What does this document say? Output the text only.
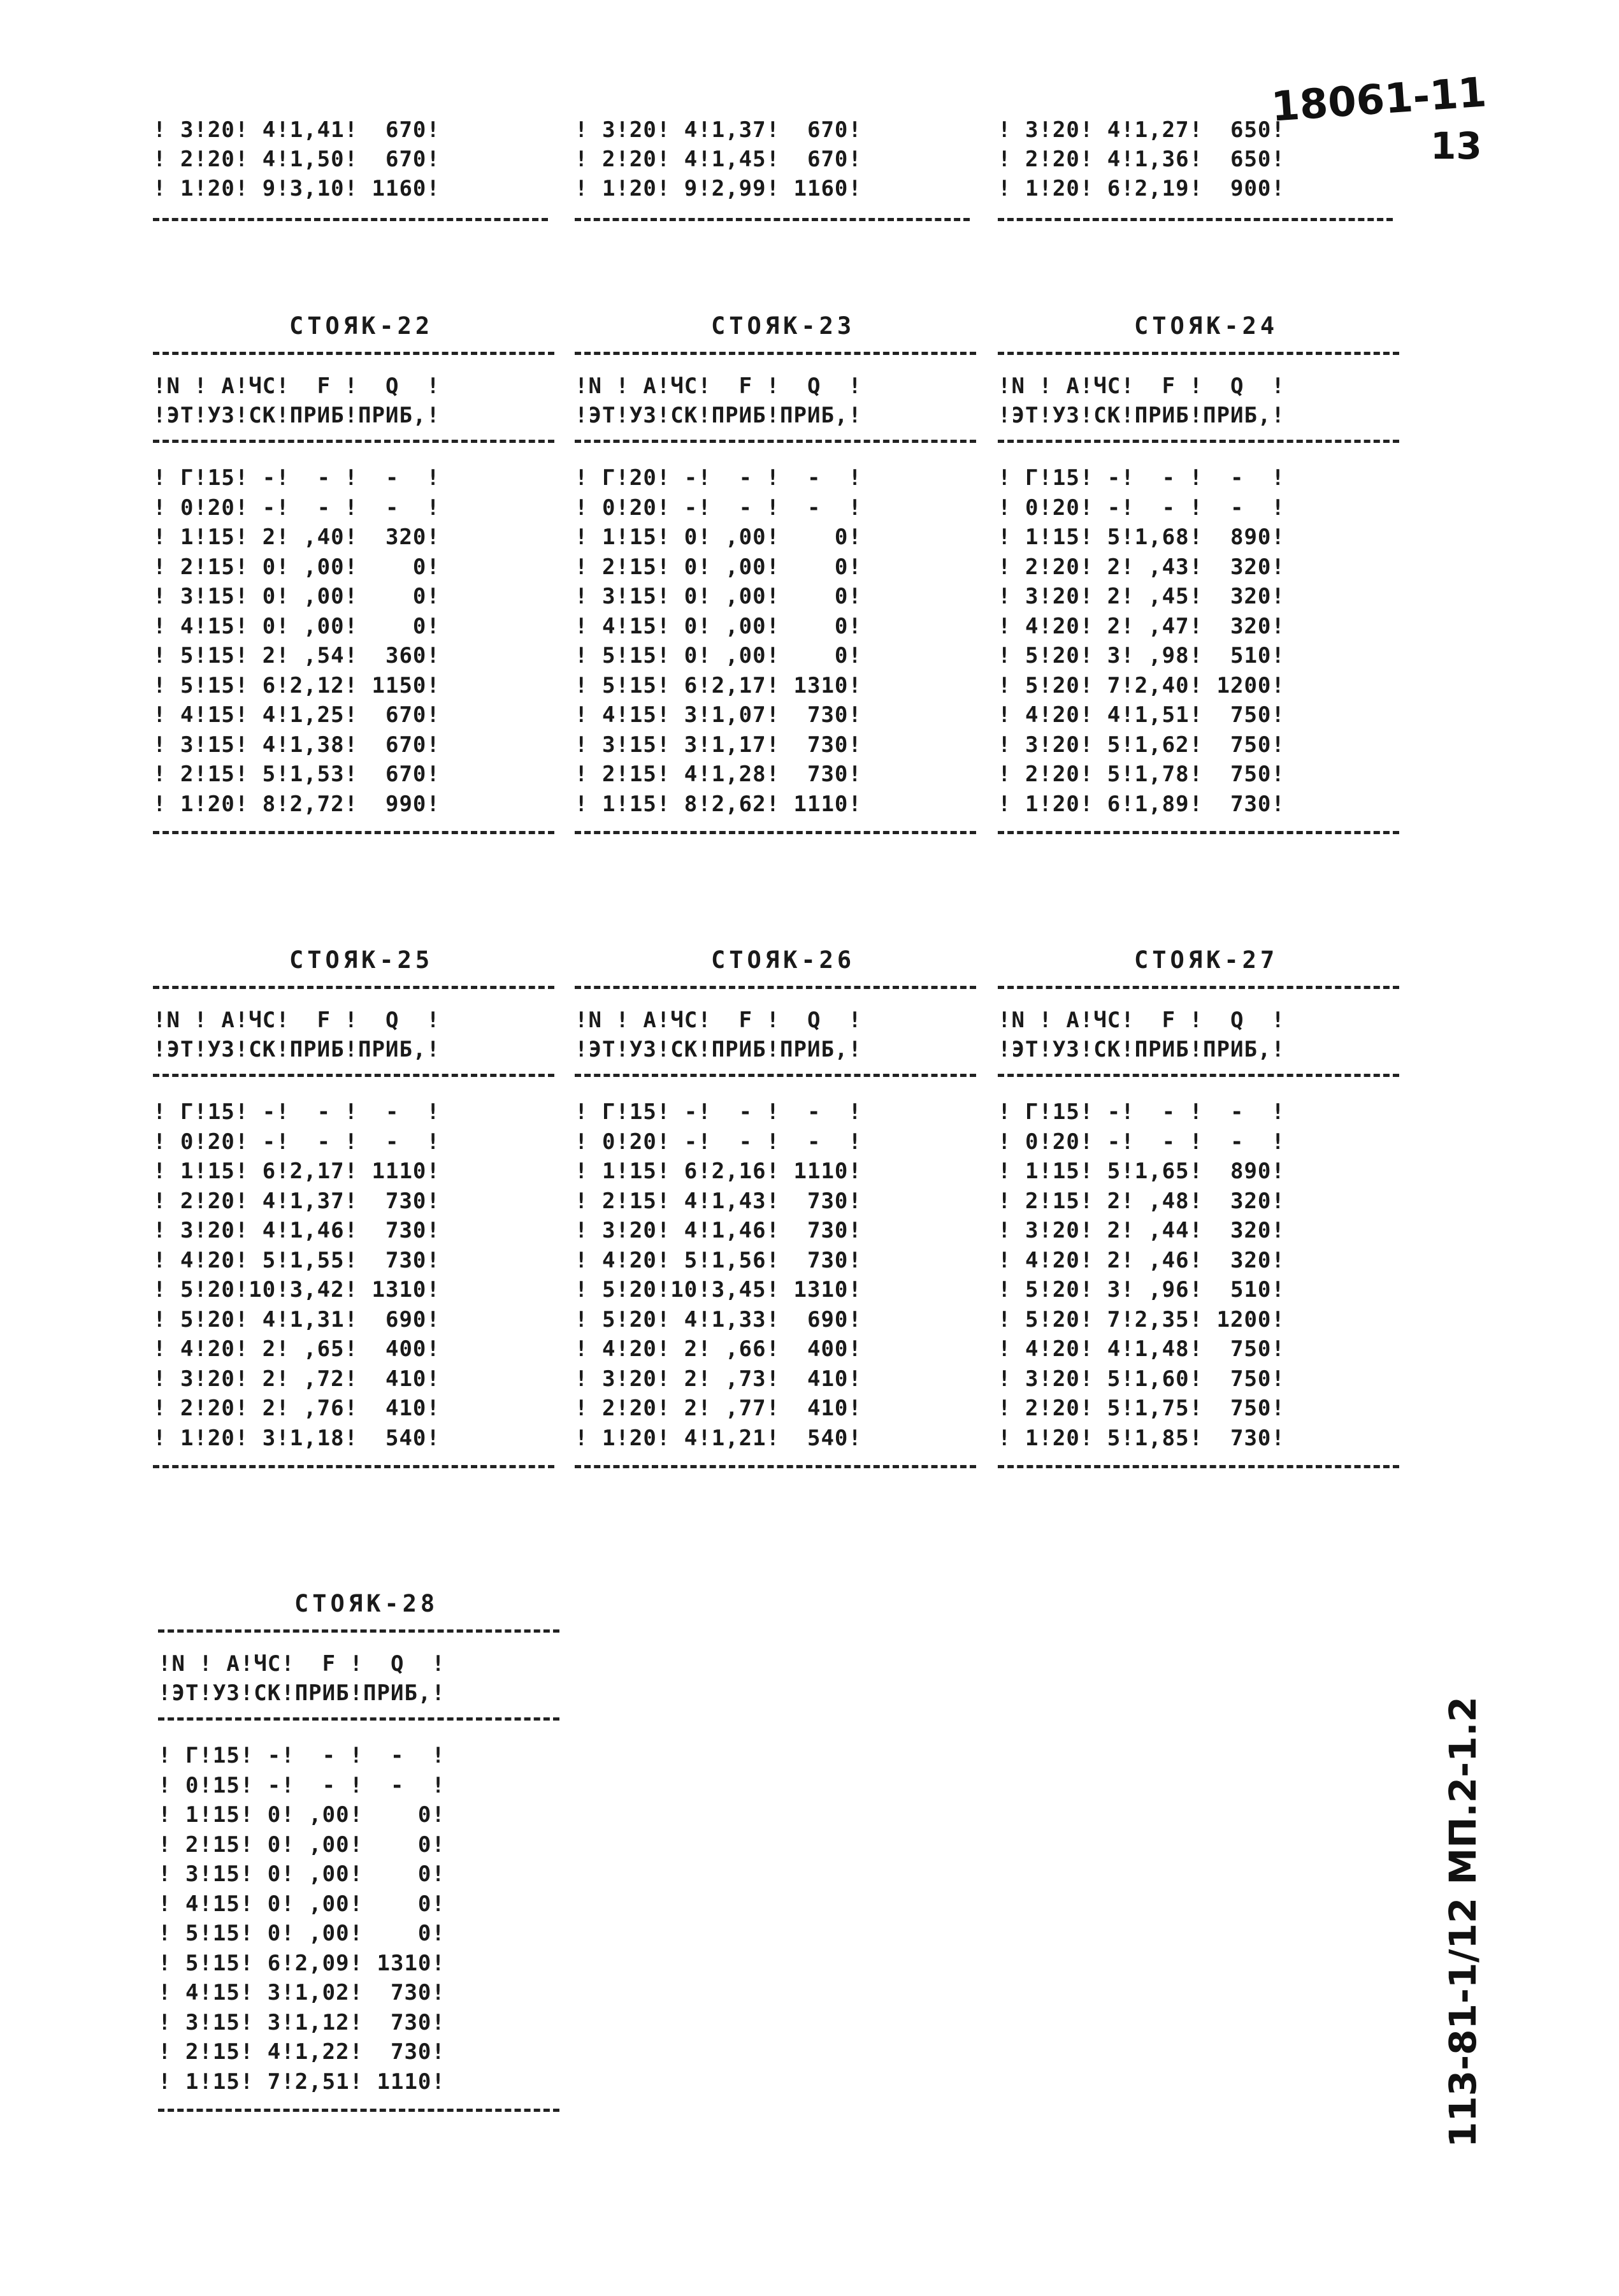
18061-11
13
113-81-1/12 МП.2-1.2
! 3!20! 4!1,41!  670!
! 2!20! 4!1,50!  670!
! 1!20! 9!3,10! 1160!
! 3!20! 4!1,37!  670!
! 2!20! 4!1,45!  670!
! 1!20! 9!2,99! 1160!
! 3!20! 4!1,27!  650!
! 2!20! 4!1,36!  650!
! 1!20! 6!2,19!  900!
СТОЯК-22
!N ! A!ЧС!  F !  Q  !
!ЭТ!УЗ!СК!ПРИБ!ПРИБ,!
! Г!15! -!  - !  -  !
! 0!20! -!  - !  -  !
! 1!15! 2! ,40!  320!
! 2!15! 0! ,00!    0!
! 3!15! 0! ,00!    0!
! 4!15! 0! ,00!    0!
! 5!15! 2! ,54!  360!
! 5!15! 6!2,12! 1150!
! 4!15! 4!1,25!  670!
! 3!15! 4!1,38!  670!
! 2!15! 5!1,53!  670!
! 1!20! 8!2,72!  990!
СТОЯК-23
!N ! A!ЧС!  F !  Q  !
!ЭТ!УЗ!СК!ПРИБ!ПРИБ,!
! Г!20! -!  - !  -  !
! 0!20! -!  - !  -  !
! 1!15! 0! ,00!    0!
! 2!15! 0! ,00!    0!
! 3!15! 0! ,00!    0!
! 4!15! 0! ,00!    0!
! 5!15! 0! ,00!    0!
! 5!15! 6!2,17! 1310!
! 4!15! 3!1,07!  730!
! 3!15! 3!1,17!  730!
! 2!15! 4!1,28!  730!
! 1!15! 8!2,62! 1110!
СТОЯК-24
!N ! A!ЧС!  F !  Q  !
!ЭТ!УЗ!СК!ПРИБ!ПРИБ,!
! Г!15! -!  - !  -  !
! 0!20! -!  - !  -  !
! 1!15! 5!1,68!  890!
! 2!20! 2! ,43!  320!
! 3!20! 2! ,45!  320!
! 4!20! 2! ,47!  320!
! 5!20! 3! ,98!  510!
! 5!20! 7!2,40! 1200!
! 4!20! 4!1,51!  750!
! 3!20! 5!1,62!  750!
! 2!20! 5!1,78!  750!
! 1!20! 6!1,89!  730!
СТОЯК-25
!N ! A!ЧС!  F !  Q  !
!ЭТ!УЗ!СК!ПРИБ!ПРИБ,!
! Г!15! -!  - !  -  !
! 0!20! -!  - !  -  !
! 1!15! 6!2,17! 1110!
! 2!20! 4!1,37!  730!
! 3!20! 4!1,46!  730!
! 4!20! 5!1,55!  730!
! 5!20!10!3,42! 1310!
! 5!20! 4!1,31!  690!
! 4!20! 2! ,65!  400!
! 3!20! 2! ,72!  410!
! 2!20! 2! ,76!  410!
! 1!20! 3!1,18!  540!
СТОЯК-26
!N ! A!ЧС!  F !  Q  !
!ЭТ!УЗ!СК!ПРИБ!ПРИБ,!
! Г!15! -!  - !  -  !
! 0!20! -!  - !  -  !
! 1!15! 6!2,16! 1110!
! 2!15! 4!1,43!  730!
! 3!20! 4!1,46!  730!
! 4!20! 5!1,56!  730!
! 5!20!10!3,45! 1310!
! 5!20! 4!1,33!  690!
! 4!20! 2! ,66!  400!
! 3!20! 2! ,73!  410!
! 2!20! 2! ,77!  410!
! 1!20! 4!1,21!  540!
СТОЯК-27
!N ! A!ЧС!  F !  Q  !
!ЭТ!УЗ!СК!ПРИБ!ПРИБ,!
! Г!15! -!  - !  -  !
! 0!20! -!  - !  -  !
! 1!15! 5!1,65!  890!
! 2!15! 2! ,48!  320!
! 3!20! 2! ,44!  320!
! 4!20! 2! ,46!  320!
! 5!20! 3! ,96!  510!
! 5!20! 7!2,35! 1200!
! 4!20! 4!1,48!  750!
! 3!20! 5!1,60!  750!
! 2!20! 5!1,75!  750!
! 1!20! 5!1,85!  730!
СТОЯК-28
!N ! A!ЧС!  F !  Q  !
!ЭТ!УЗ!СК!ПРИБ!ПРИБ,!
! Г!15! -!  - !  -  !
! 0!15! -!  - !  -  !
! 1!15! 0! ,00!    0!
! 2!15! 0! ,00!    0!
! 3!15! 0! ,00!    0!
! 4!15! 0! ,00!    0!
! 5!15! 0! ,00!    0!
! 5!15! 6!2,09! 1310!
! 4!15! 3!1,02!  730!
! 3!15! 3!1,12!  730!
! 2!15! 4!1,22!  730!
! 1!15! 7!2,51! 1110!
